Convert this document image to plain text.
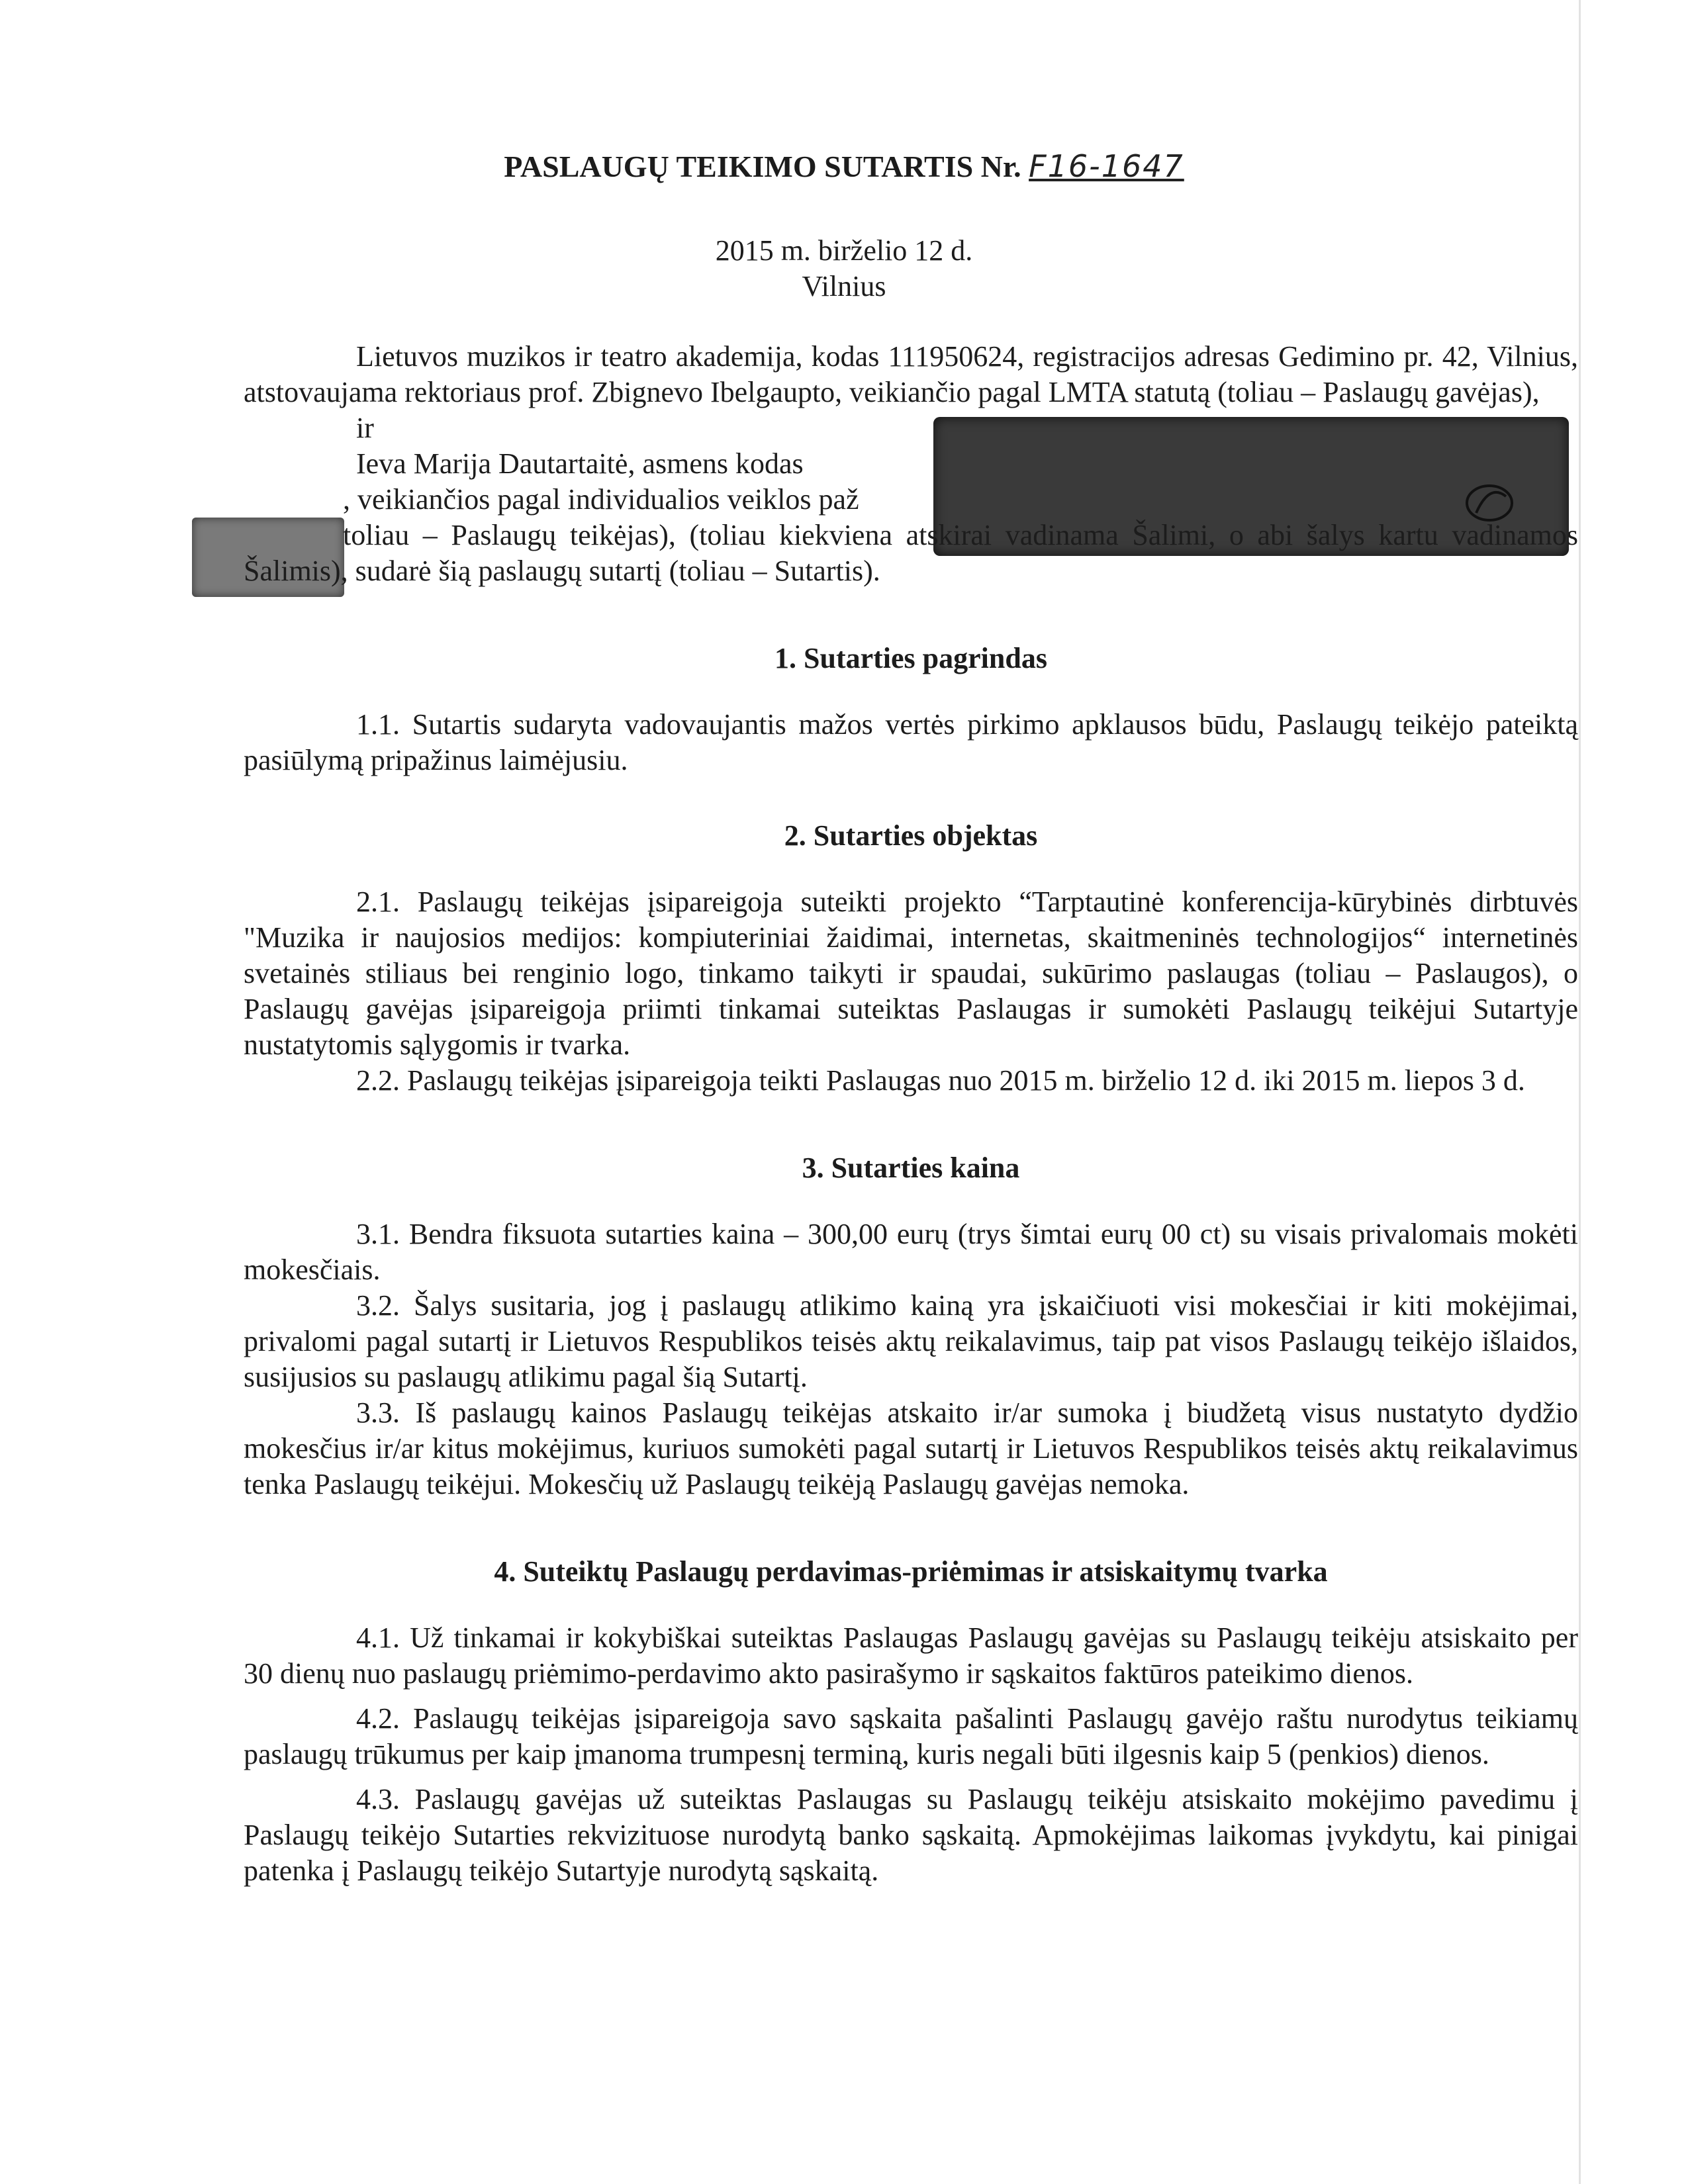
PASLAUGŲ TEIKIMO SUTARTIS Nr. F16-1647
2015 m. birželio 12 d.
Vilnius

Lietuvos muzikos ir teatro akademija, kodas 111950624, registracijos adresas Gedimino pr. 42, Vilnius, atstovaujama rektoriaus prof. Zbignevo Ibelgaupto, veikiančio pagal LMTA statutą (toliau – Paslaugų gavėjas),

ir

Ieva Marija Dautartaitė, asmens kodas

, veikiančios pagal individualios veiklos paž

toliau – Paslaugų teikėjas), (toliau kiekviena atskirai vadinama Šalimi, o abi šalys kartu vadinamos Šalimis), sudarė šią paslaugų sutartį (toliau – Sutartis).

1. Sutarties pagrindas

1.1. Sutartis sudaryta vadovaujantis mažos vertės pirkimo apklausos būdu, Paslaugų teikėjo pateiktą pasiūlymą pripažinus laimėjusiu.

2. Sutarties objektas

2.1. Paslaugų teikėjas įsipareigoja suteikti projekto “Tarptautinė konferencija-kūrybinės dirbtuvės "Muzika ir naujosios medijos: kompiuteriniai žaidimai, internetas, skaitmeninės technologijos“ internetinės svetainės stiliaus bei renginio logo, tinkamo taikyti ir spaudai, sukūrimo paslaugas (toliau – Paslaugos), o Paslaugų gavėjas įsipareigoja priimti tinkamai suteiktas Paslaugas ir sumokėti Paslaugų teikėjui Sutartyje nustatytomis sąlygomis ir tvarka.

2.2. Paslaugų teikėjas įsipareigoja teikti Paslaugas nuo 2015 m. birželio 12 d. iki 2015 m. liepos 3 d.

3. Sutarties kaina

3.1. Bendra fiksuota sutarties kaina – 300,00 eurų (trys šimtai eurų 00 ct) su visais privalomais mokėti mokesčiais.

3.2. Šalys susitaria, jog į paslaugų atlikimo kainą yra įskaičiuoti visi mokesčiai ir kiti mokėjimai, privalomi pagal sutartį ir Lietuvos Respublikos teisės aktų reikalavimus, taip pat visos Paslaugų teikėjo išlaidos, susijusios su paslaugų atlikimu pagal šią Sutartį.

3.3. Iš paslaugų kainos Paslaugų teikėjas atskaito ir/ar sumoka į biudžetą visus nustatyto dydžio mokesčius ir/ar kitus mokėjimus, kuriuos sumokėti pagal sutartį ir Lietuvos Respublikos teisės aktų reikalavimus tenka Paslaugų teikėjui. Mokesčių už Paslaugų teikėją Paslaugų gavėjas nemoka.

4. Suteiktų Paslaugų perdavimas-priėmimas ir atsiskaitymų tvarka

4.1. Už tinkamai ir kokybiškai suteiktas Paslaugas Paslaugų gavėjas su Paslaugų teikėju atsiskaito per 30 dienų nuo paslaugų priėmimo-perdavimo akto pasirašymo ir sąskaitos faktūros pateikimo dienos.

4.2. Paslaugų teikėjas įsipareigoja savo sąskaita pašalinti Paslaugų gavėjo raštu nurodytus teikiamų paslaugų trūkumus per kaip įmanoma trumpesnį terminą, kuris negali būti ilgesnis kaip 5 (penkios) dienos.

4.3. Paslaugų gavėjas už suteiktas Paslaugas su Paslaugų teikėju atsiskaito mokėjimo pavedimu į Paslaugų teikėjo Sutarties rekvizituose nurodytą banko sąskaitą. Apmokėjimas laikomas įvykdytu, kai pinigai patenka į Paslaugų teikėjo Sutartyje nurodytą sąskaitą.
